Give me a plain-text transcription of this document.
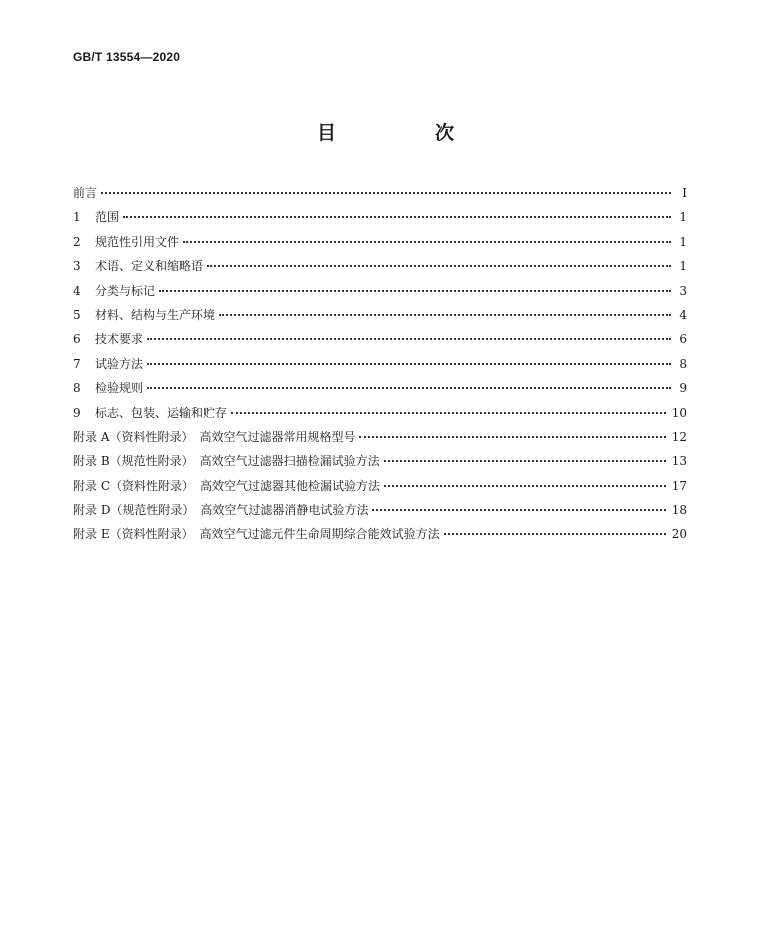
GB/T 13554—2020
目　次
前言	Ⅰ
1	范围	1
2	规范性引用文件	1
3	术语、定义和缩略语	1
4	分类与标记	3
5	材料、结构与生产环境	4
6	技术要求	6
7	试验方法	8
8	检验规则	9
9	标志、包装、运输和贮存	10
附录 A（资料性附录）　高效空气过滤器常用规格型号	12
附录 B（规范性附录）　高效空气过滤器扫描检漏试验方法	13
附录 C（资料性附录）　高效空气过滤器其他检漏试验方法	17
附录 D（规范性附录）　高效空气过滤器消静电试验方法	18
附录 E（资料性附录）　高效空气过滤元件生命周期综合能效试验方法	20
